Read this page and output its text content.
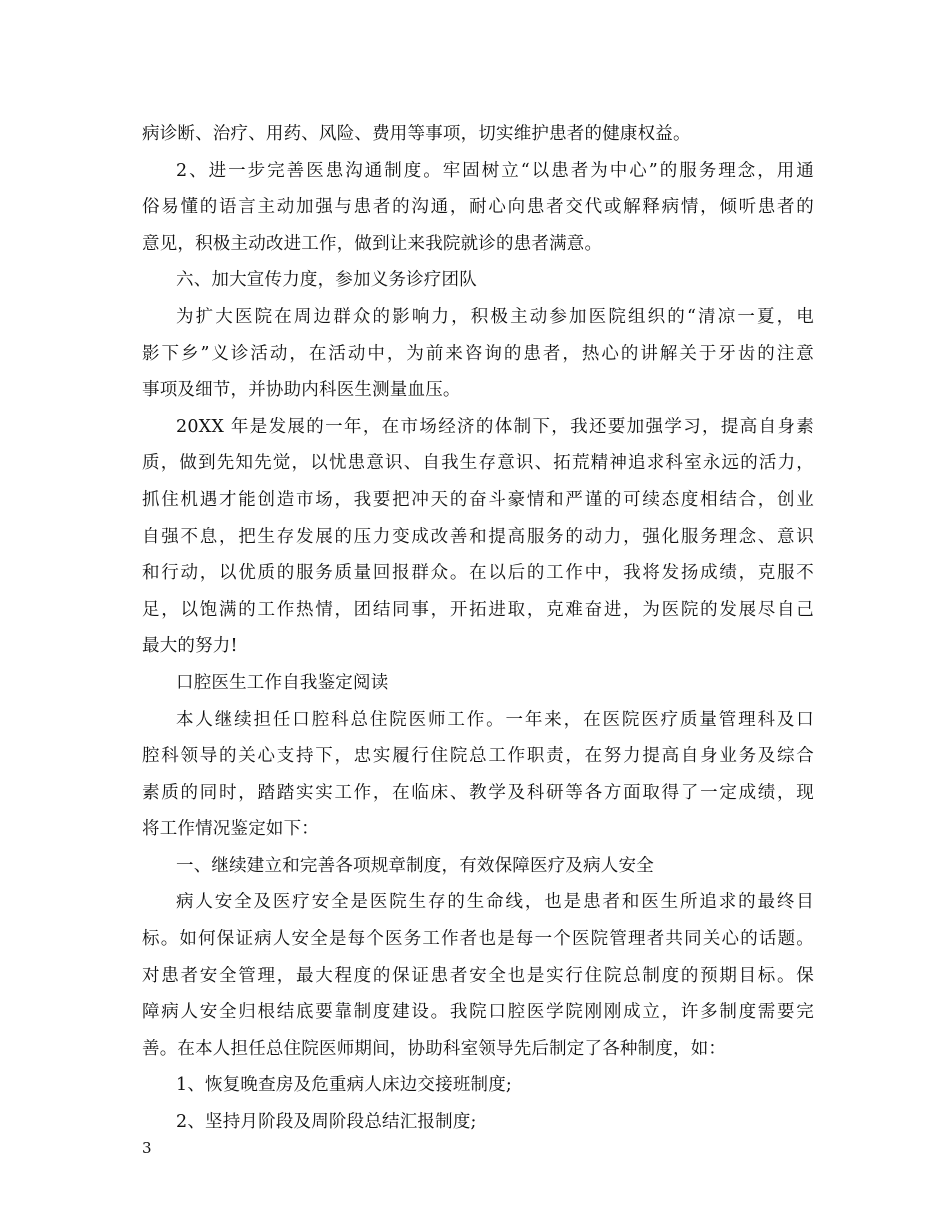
病诊断、治疗、用药、风险、费用等事项，切实维护患者的健康权益。
2、进一步完善医患沟通制度。牢固树立“以患者为中心”的服务理念，用通
俗易懂的语言主动加强与患者的沟通，耐心向患者交代或解释病情，倾听患者的
意见，积极主动改进工作，做到让来我院就诊的患者满意。
六、加大宣传力度，参加义务诊疗团队
为扩大医院在周边群众的影响力，积极主动参加医院组织的“清凉一夏，电
影下乡”义诊活动，在活动中，为前来咨询的患者，热心的讲解关于牙齿的注意
事项及细节，并协助内科医生测量血压。
20XX 年是发展的一年，在市场经济的体制下，我还要加强学习，提高自身素
质，做到先知先觉，以忧患意识、自我生存意识、拓荒精神追求科室永远的活力，
抓住机遇才能创造市场，我要把冲天的奋斗豪情和严谨的可续态度相结合，创业
自强不息，把生存发展的压力变成改善和提高服务的动力，强化服务理念、意识
和行动，以优质的服务质量回报群众。在以后的工作中，我将发扬成绩，克服不
足，以饱满的工作热情，团结同事，开拓进取，克难奋进，为医院的发展尽自己
最大的努力!
口腔医生工作自我鉴定阅读
本人继续担任口腔科总住院医师工作。一年来，在医院医疗质量管理科及口
腔科领导的关心支持下，忠实履行住院总工作职责，在努力提高自身业务及综合
素质的同时，踏踏实实工作，在临床、教学及科研等各方面取得了一定成绩，现
将工作情况鉴定如下：
一、继续建立和完善各项规章制度，有效保障医疗及病人安全
病人安全及医疗安全是医院生存的生命线，也是患者和医生所追求的最终目
标。如何保证病人安全是每个医务工作者也是每一个医院管理者共同关心的话题。
对患者安全管理，最大程度的保证患者安全也是实行住院总制度的预期目标。保
障病人安全归根结底要靠制度建设。我院口腔医学院刚刚成立，许多制度需要完
善。在本人担任总住院医师期间，协助科室领导先后制定了各种制度，如：
1、恢复晚查房及危重病人床边交接班制度;
2、坚持月阶段及周阶段总结汇报制度;
3
